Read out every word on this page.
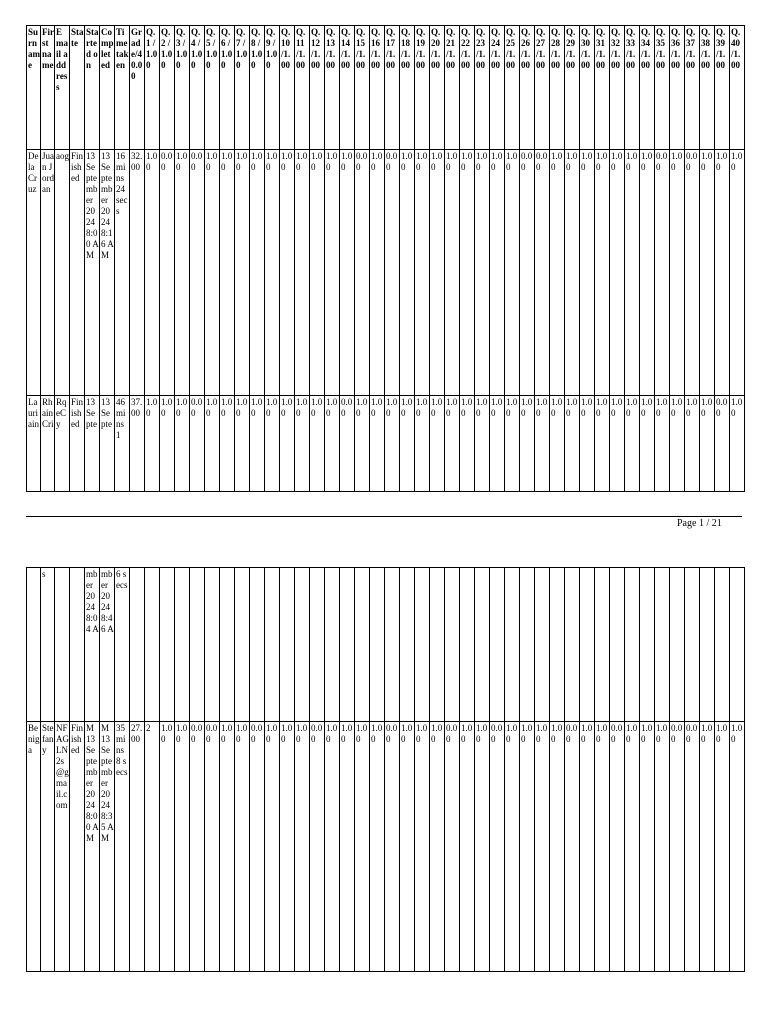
Surname	First name	Email address	State	Started on	Completed	Time taken	Grade/40.00	Q. 1 /1.00	Q. 2 /1.00	Q. 3 /1.00	Q. 4 /1.00	Q. 5 /1.00	Q. 6 /1.00	Q. 7 /1.00	Q. 8 /1.00	Q. 9 /1.00	Q. 10 /1.00	Q. 11 /1.00	Q. 12 /1.00	Q. 13 /1.00	Q. 14 /1.00	Q. 15 /1.00	Q. 16 /1.00	Q. 17 /1.00	Q. 18 /1.00	Q. 19 /1.00	Q. 20 /1.00	Q. 21 /1.00	Q. 22 /1.00	Q. 23 /1.00	Q. 24 /1.00	Q. 25 /1.00	Q. 26 /1.00	Q. 27 /1.00	Q. 28 /1.00	Q. 29 /1.00	Q. 30 /1.00	Q. 31 /1.00	Q. 32 /1.00	Q. 33 /1.00	Q. 34 /1.00	Q. 35 /1.00	Q. 36 /1.00	Q. 37 /1.00	Q. 38 /1.00	Q. 39 /1.00	Q. 40 /1.00
Dela Cruz	Juan Jordan	aog	Finished	13 September 2024 8:00 AM	13 September 2024 8:16 AM	16 mins 24 secs	32.00	1.00	0.00	1.00	0.00	1.00	1.00	1.00	1.00	1.00	1.00	1.00	1.00	1.00	1.00	0.00	1.00	0.00	1.00	1.00	1.00	1.00	1.00	1.00	1.00	1.00	0.00	0.00	1.00	1.00	1.00	1.00	1.00	1.00	1.00	0.00	1.00	0.00	1.00	1.00	1.00
Lauriain	Rhain Cri	RqeCy	Finished	13 Septe	13 Septe	46 mins 1	37.00	1.00	1.00	1.00	0.00	1.00	1.00	1.00	1.00	1.00	1.00	1.00	1.00	1.00	0.00	1.00	1.00	1.00	1.00	1.00	1.00	1.00	1.00	1.00	1.00	1.00	1.00	1.00	1.00	1.00	1.00	1.00	1.00	1.00	1.00	1.00	1.00	1.00	1.00	0.00	1.00
Page 1 / 21
	s			mber 2024 8:04 A	mber 2024 8:46 A	6 secs																																									
Beniga	Stefany	NFAGLN2s@gmail.com	Finished	M 13 September 2024 8:00 AM	M 13 September 2024 8:35 AM	35 mins 8 secs	27.00	2	1.00	1.00	0.00	0.00	1.00	1.00	0.00	1.00	1.00	1.00	0.00	1.00	1.00	1.00	1.00	0.00	1.00	1.00	1.00	0.00	1.00	1.00	0.00	1.00	1.00	1.00	1.00	0.00	1.00	1.00	0.00	1.00	1.00	1.00	0.00	0.00	1.00	1.00	1.00
